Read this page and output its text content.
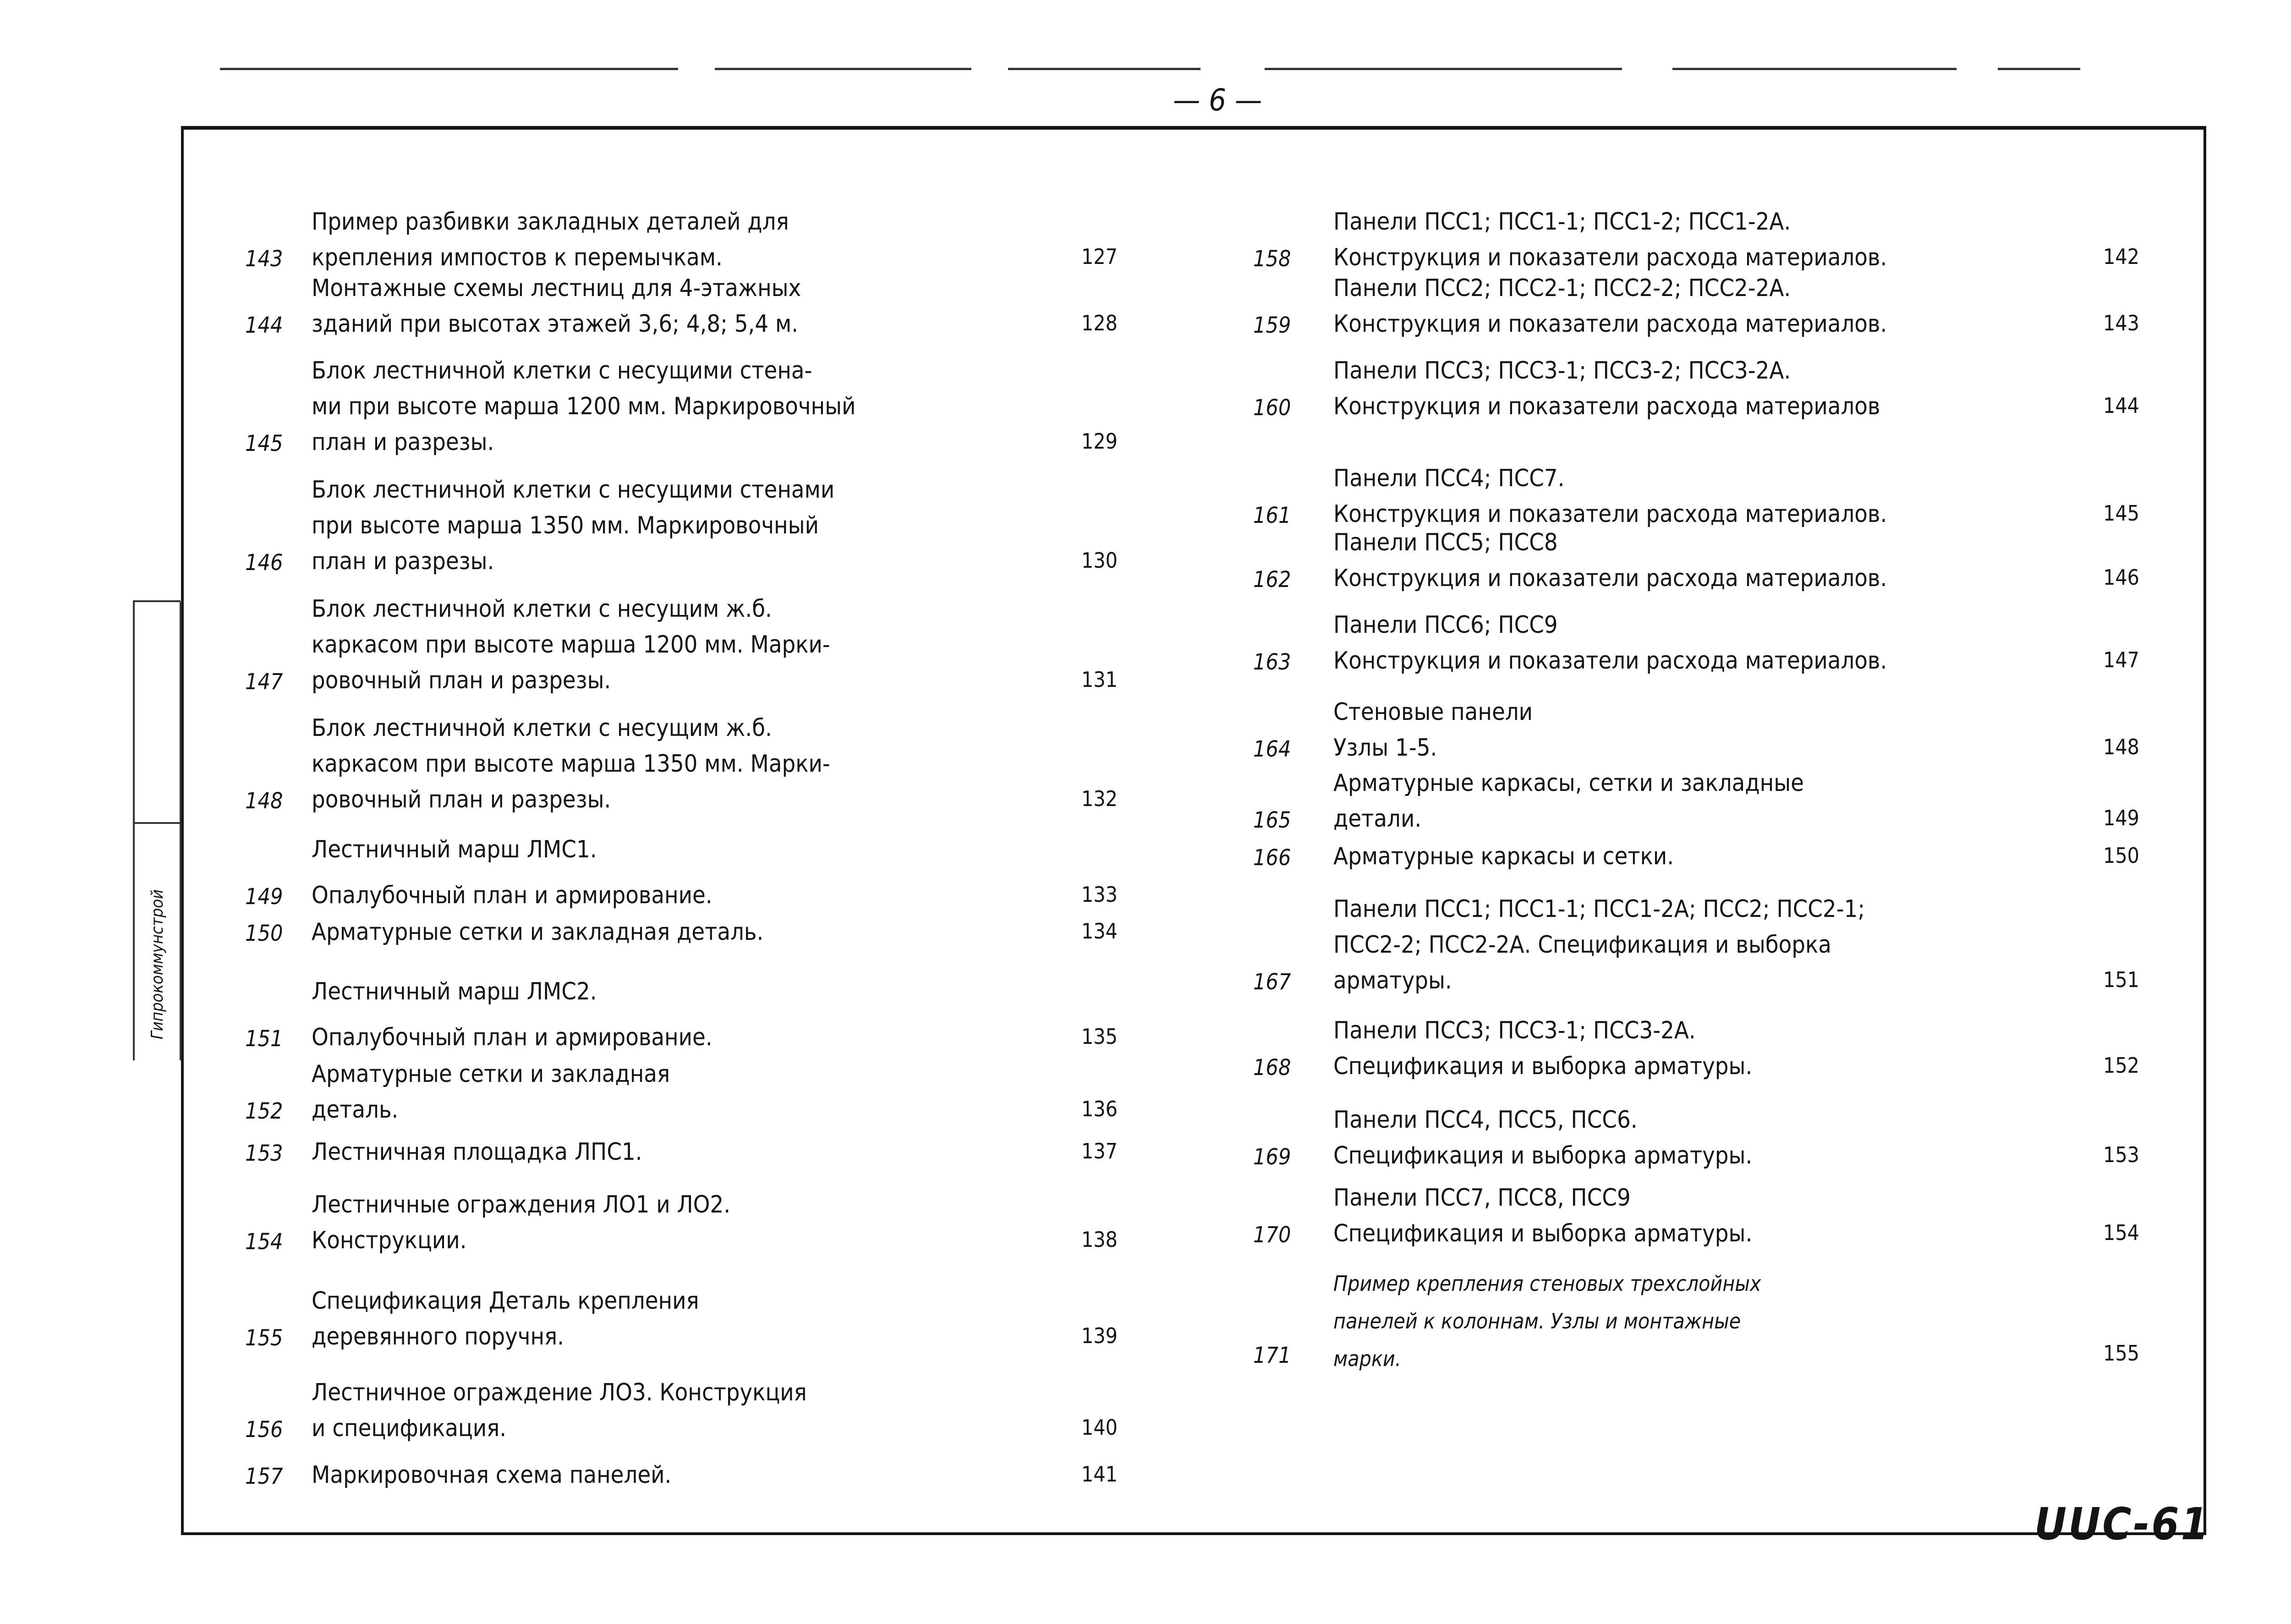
— 6 —
Гипрокоммунстрой
Пример разбивки закладных деталей для
крепления импостов к перемычкам.
143	127
Монтажные схемы лестниц для 4-этажных
зданий при высотах этажей 3,6; 4,8; 5,4 м.
144	128
Блок лестничной клетки с несущими стена-
ми при высоте марша 1200 мм. Маркировочный
план и разрезы.
145	129
Блок лестничной клетки с несущими стенами
при высоте марша 1350 мм. Маркировочный
план и разрезы.
146	130
Блок лестничной клетки с несущим ж.б.
каркасом при высоте марша 1200 мм. Марки-
ровочный план и разрезы.
147	131
Блок лестничной клетки с несущим ж.б.
каркасом при высоте марша 1350 мм. Марки-
ровочный план и разрезы.
148	132
Лестничный марш ЛМС1.
Опалубочный план и армирование.
149	133
Арматурные сетки и закладная деталь.
150	134
Лестничный марш ЛМС2.
Опалубочный план и армирование.
151	135
Арматурные сетки и закладная
деталь.
152	136
Лестничная площадка ЛПС1.
153	137
Лестничные ограждения ЛО1 и ЛО2.
Конструкции.
154	138
Спецификация Деталь крепления
деревянного поручня.
155	139
Лестничное ограждение ЛО3. Конструкция
и спецификация.
156	140
Маркировочная схема панелей.
157	141
Панели ПСС1; ПСС1-1; ПСС1-2; ПСС1-2А.
Конструкция и показатели расхода материалов.
158	142
Панели ПСС2; ПСС2-1; ПСС2-2; ПСС2-2А.
Конструкция и показатели расхода материалов.
159	143
Панели ПСС3; ПСС3-1; ПСС3-2; ПСС3-2А.
Конструкция и показатели расхода материалов
160	144
Панели ПСС4; ПСС7.
Конструкция и показатели расхода материалов.
161	145
Панели ПСС5; ПСС8
Конструкция и показатели расхода материалов.
162	146
Панели ПСС6; ПСС9
Конструкция и показатели расхода материалов.
163	147
Стеновые панели
Узлы 1-5.
164	148
Арматурные каркасы, сетки и закладные
детали.
165	149
Арматурные каркасы и сетки.
166	150
Панели ПСС1; ПСС1-1; ПСС1-2А; ПСС2; ПСС2-1;
ПСС2-2; ПСС2-2А. Спецификация и выборка
арматуры.
167	151
Панели ПСС3; ПСС3-1; ПСС3-2А.
Спецификация и выборка арматуры.
168	152
Панели ПСС4, ПСС5, ПСС6.
Спецификация и выборка арматуры.
169	153
Панели ПСС7, ПСС8, ПСС9
Спецификация и выборка арматуры.
170	154
Пример крепления стеновых трехслойных
панелей к колоннам. Узлы и монтажные
марки.
171	155
UUC-61
